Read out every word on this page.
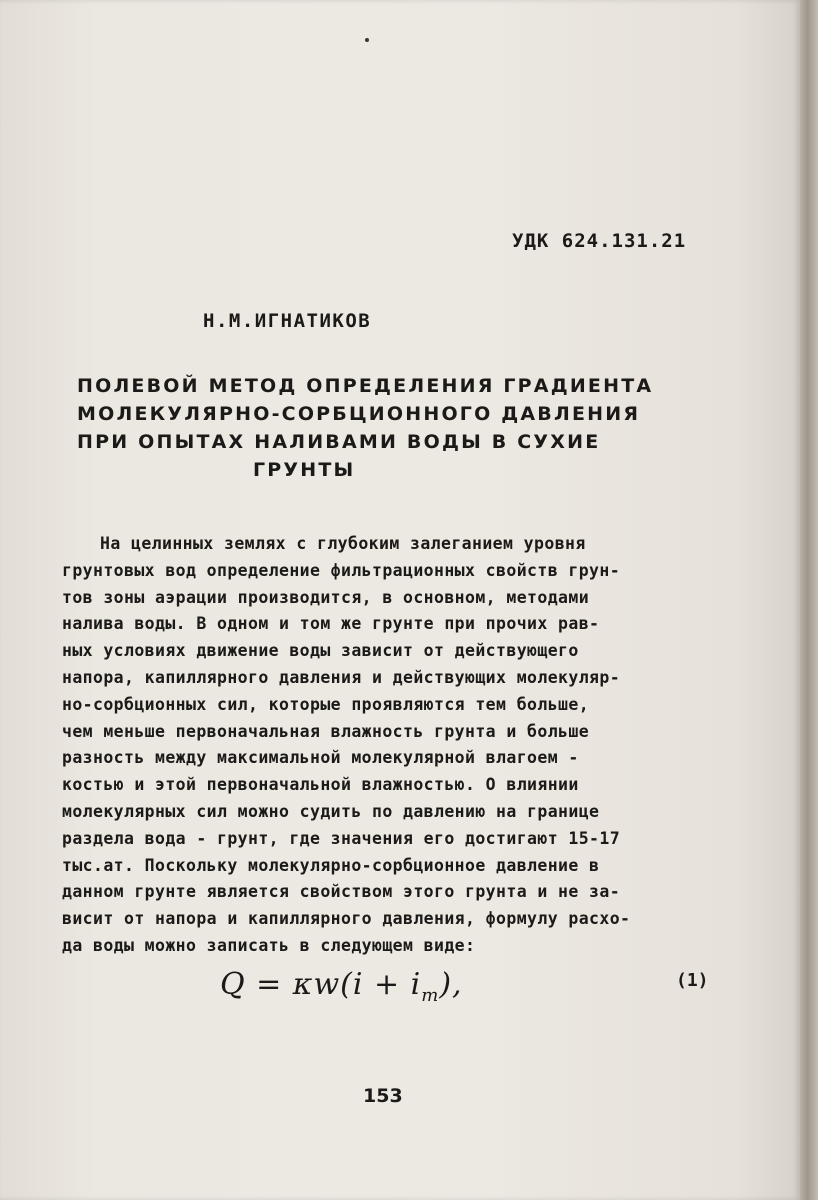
УДК 624.131.21
Н.М.ИГНАТИКОВ
ПОЛЕВОЙ МЕТОД ОПРЕДЕЛЕНИЯ ГРАДИЕНТА
МОЛЕКУЛЯРНО-СОРБЦИОННОГО ДАВЛЕНИЯ
ПРИ ОПЫТАХ НАЛИВАМИ ВОДЫ В СУХИЕ
ГРУНТЫ
На целинных землях с глубоким залеганием уровня
грунтовых вод определение фильтрационных свойств грун-
тов зоны аэрации производится, в основном, методами
налива воды. В одном и том же грунте при прочих рав-
ных условиях движение воды зависит от действующего
напора, капиллярного давления и действующих молекуляр-
но-сорбционных сил, которые проявляются тем больше,
чем меньше первоначальная влажность грунта и больше
разность между максимальной молекулярной влагоем -
костью и этой первоначальной влажностью. О влиянии
молекулярных сил можно судить по давлению на границе
раздела вода - грунт, где значения его достигают 15-17
тыс.ат. Поскольку молекулярно-сорбционное давление в
данном грунте является свойством этого грунта и не за-
висит от напора и капиллярного давления, формулу расхо-
да воды можно записать в следующем виде:
$Q = \kappa w(i + i_m)$,	(1)
153
